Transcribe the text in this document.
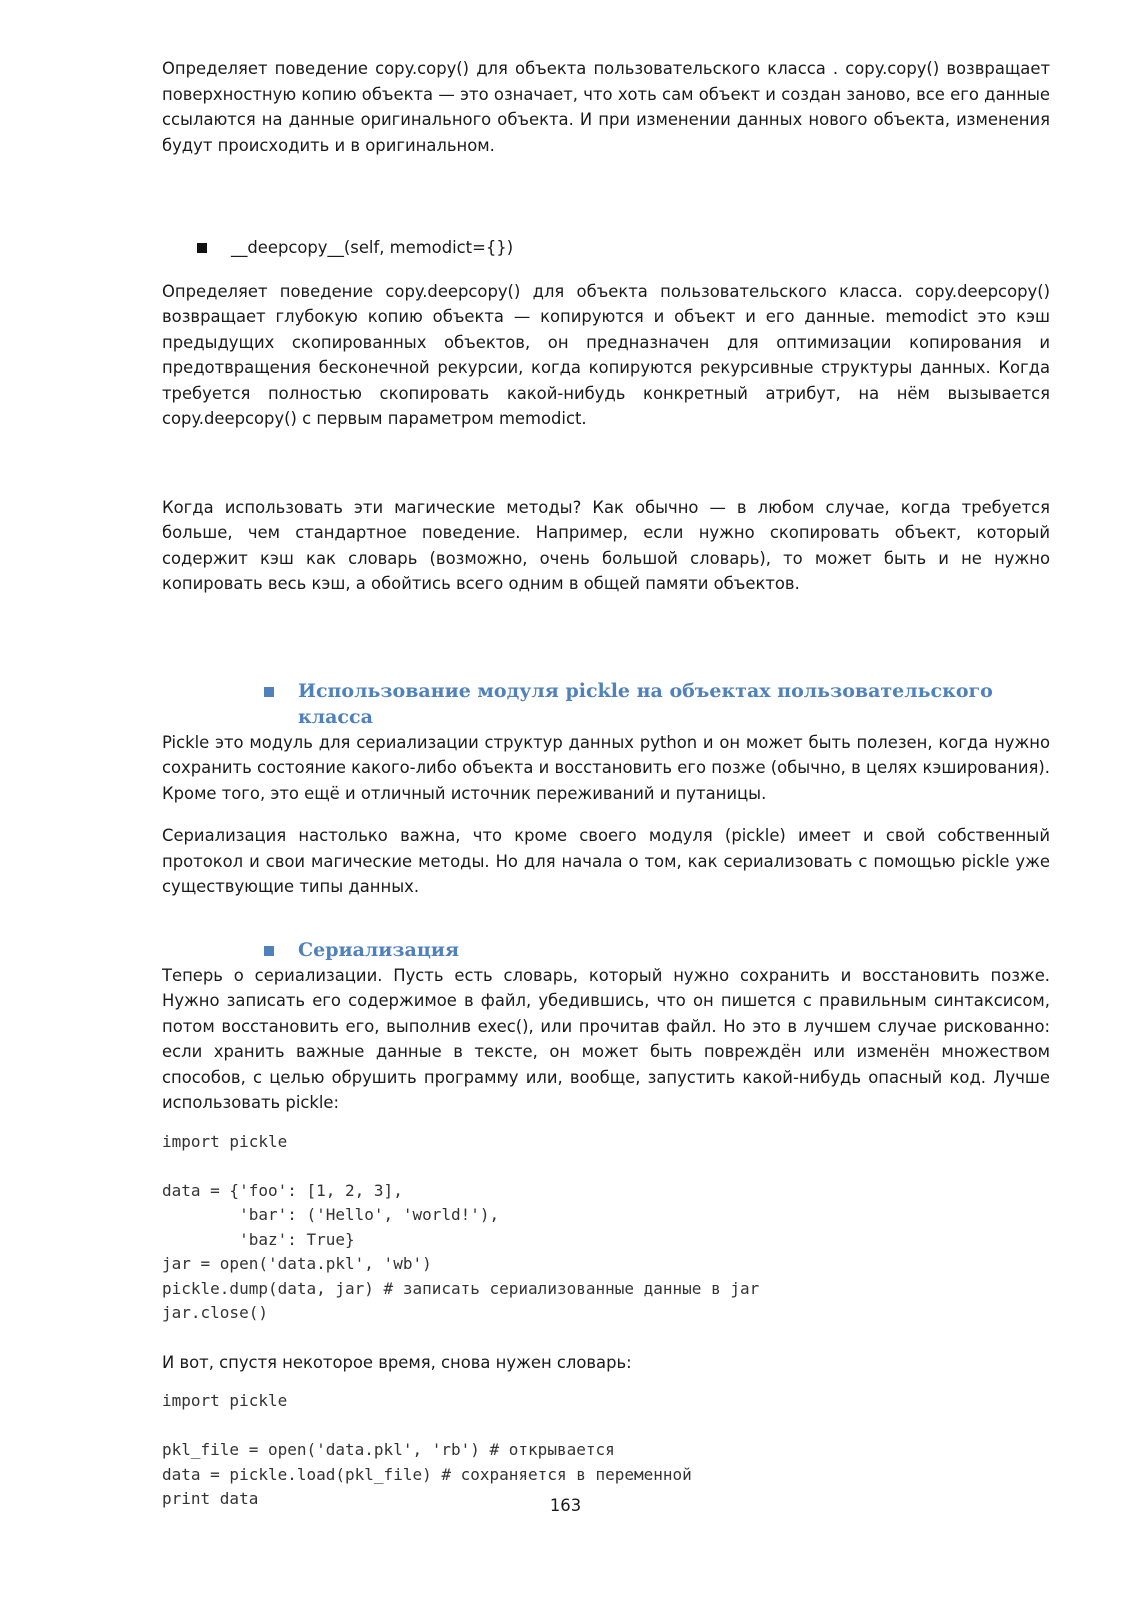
Определяет поведение copy.copy() для объекта пользовательского класса . copy.copy() возвращает поверхностную копию объекта — это означает, что хоть сам объект и создан заново, все его данные ссылаются на данные оригинального объекта. И при изменении данных нового объекта, изменения будут происходить и в оригинальном.

__deepcopy__(self, memodict={})

Определяет поведение copy.deepcopy() для объекта пользовательского класса. copy.deepcopy() возвращает глубокую копию объекта — копируются и объект и его данные. memodict это кэш предыдущих скопированных объектов, он предназначен для оптимизации копирования и предотвращения бесконечной рекурсии, когда копируются рекурсивные структуры данных. Когда требуется полностью скопировать какой-нибудь конкретный атрибут, на нём вызывается copy.deepcopy() с первым параметром memodict.

Когда использовать эти магические методы? Как обычно — в любом случае, когда требуется больше, чем стандартное поведение. Например, если нужно скопировать объект, который содержит кэш как словарь (возможно, очень большой словарь), то может быть и не нужно копировать весь кэш, а обойтись всего одним в общей памяти объектов.

Использование модуля pickle на объектах пользовательского класса

Pickle это модуль для сериализации структур данных python и он может быть полезен, когда нужно сохранить состояние какого-либо объекта и восстановить его позже (обычно, в целях кэширования). Кроме того, это ещё и отличный источник переживаний и путаницы.

Сериализация настолько важна, что кроме своего модуля (pickle) имеет и свой собственный протокол и свои магические методы. Но для начала о том, как сериализовать с помощью pickle уже существующие типы данных.

Сериализация

Теперь о сериализации. Пусть есть словарь, который нужно сохранить и восстановить позже. Нужно записать его содержимое в файл, убедившись, что он пишется с правильным синтаксисом, потом восстановить его, выполнив exec(), или прочитав файл. Но это в лучшем случае рискованно: если хранить важные данные в тексте, он может быть повреждён или изменён множеством способов, с целью обрушить программу или, вообще, запустить какой-нибудь опасный код. Лучше использовать pickle:

import pickle

data = {'foo': [1, 2, 3],
'bar': ('Hello', 'world!'),
'baz': True}
jar = open('data.pkl', 'wb')
pickle.dump(data, jar) # записать сериализованные данные в jar
jar.close()

И вот, спустя некоторое время, снова нужен словарь:

import pickle

pkl_file = open('data.pkl', 'rb') # открывается
data = pickle.load(pkl_file) # сохраняется в переменной
print data	163
